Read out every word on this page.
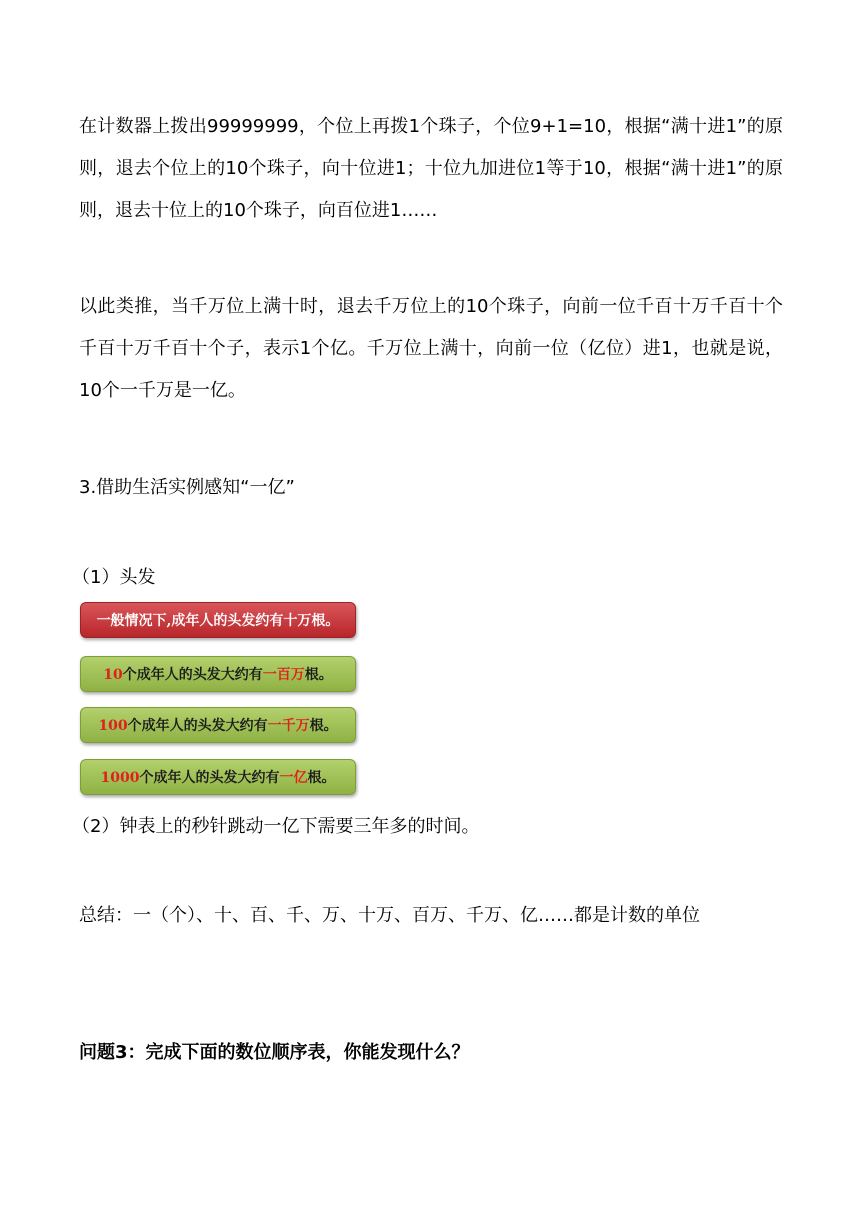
在计数器上拨出99999999，个位上再拨1个珠子，个位9+1=10，根据“满十进1”的原则，退去个位上的10个珠子，向十位进1；十位九加进位1等于10，根据“满十进1”的原则，退去十位上的10个珠子，向百位进1……

以此类推，当千万位上满十时，退去千万位上的10个珠子，向前一位千百十万千百十个千百十万千百十个子，表示1个亿。千万位上满十，向前一位（亿位）进1，也就是说，10个一千万是一亿。

3.借助生活实例感知“一亿”

（1）头发

一般情况下,成年人的头发约有十万根。
10个成年人的头发大约有一百万根。
100个成年人的头发大约有一千万根。
1000个成年人的头发大约有一亿根。

（2）钟表上的秒针跳动一亿下需要三年多的时间。

总结：一（个）、十、百、千、万、十万、百万、千万、亿……都是计数的单位

问题3：完成下面的数位顺序表，你能发现什么？
